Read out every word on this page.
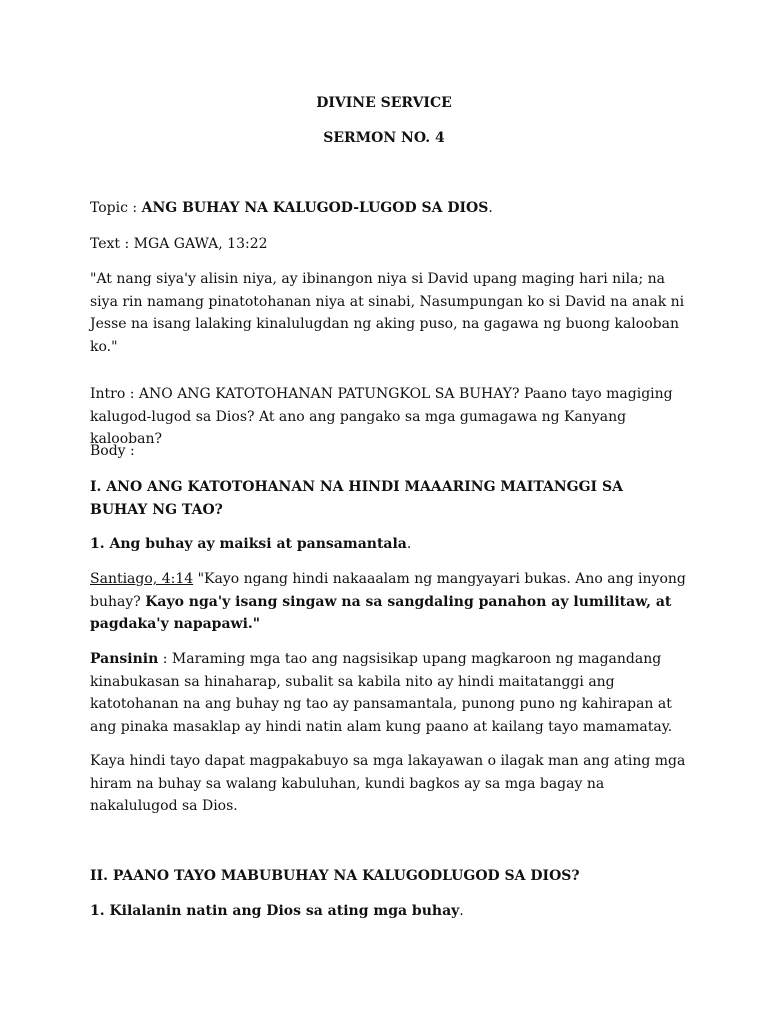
DIVINE SERVICE

SERMON NO. 4

Topic : ANG BUHAY NA KALUGOD-LUGOD SA DIOS.

Text : MGA GAWA, 13:22

"At nang siya'y alisin niya, ay ibinangon niya si David upang maging hari nila; na siya rin namang pinatotohanan niya at sinabi, Nasumpungan ko si David na anak ni Jesse na isang lalaking kinalulugdan ng aking puso, na gagawa ng buong kalooban ko."

Intro : ANO ANG KATOTOHANAN PATUNGKOL SA BUHAY? Paano tayo magiging kalugod-lugod sa Dios? At ano ang pangako sa mga gumagawa ng Kanyang kalooban?

Body :

I. ANO ANG KATOTOHANAN NA HINDI MAAARING MAITANGGI SA BUHAY NG TAO?

1. Ang buhay ay maiksi at pansamantala.

Santiago, 4:14 "Kayo ngang hindi nakaaalam ng mangyayari bukas. Ano ang inyong buhay? Kayo nga'y isang singaw na sa sangdaling panahon ay lumilitaw, at pagdaka'y napapawi."

Pansinin : Maraming mga tao ang nagsisikap upang magkaroon ng magandang kinabukasan sa hinaharap, subalit sa kabila nito ay hindi maitatanggi ang katotohanan na ang buhay ng tao ay pansamantala, punong puno ng kahirapan at ang pinaka masaklap ay hindi natin alam kung paano at kailang tayo mamamatay.

Kaya hindi tayo dapat magpakabuyo sa mga lakayawan o ilagak man ang ating mga hiram na buhay sa walang kabuluhan, kundi bagkos ay sa mga bagay na nakalulugod sa Dios.

II. PAANO TAYO MABUBUHAY NA KALUGODLUGOD SA DIOS?

1. Kilalanin natin ang Dios sa ating mga buhay.
